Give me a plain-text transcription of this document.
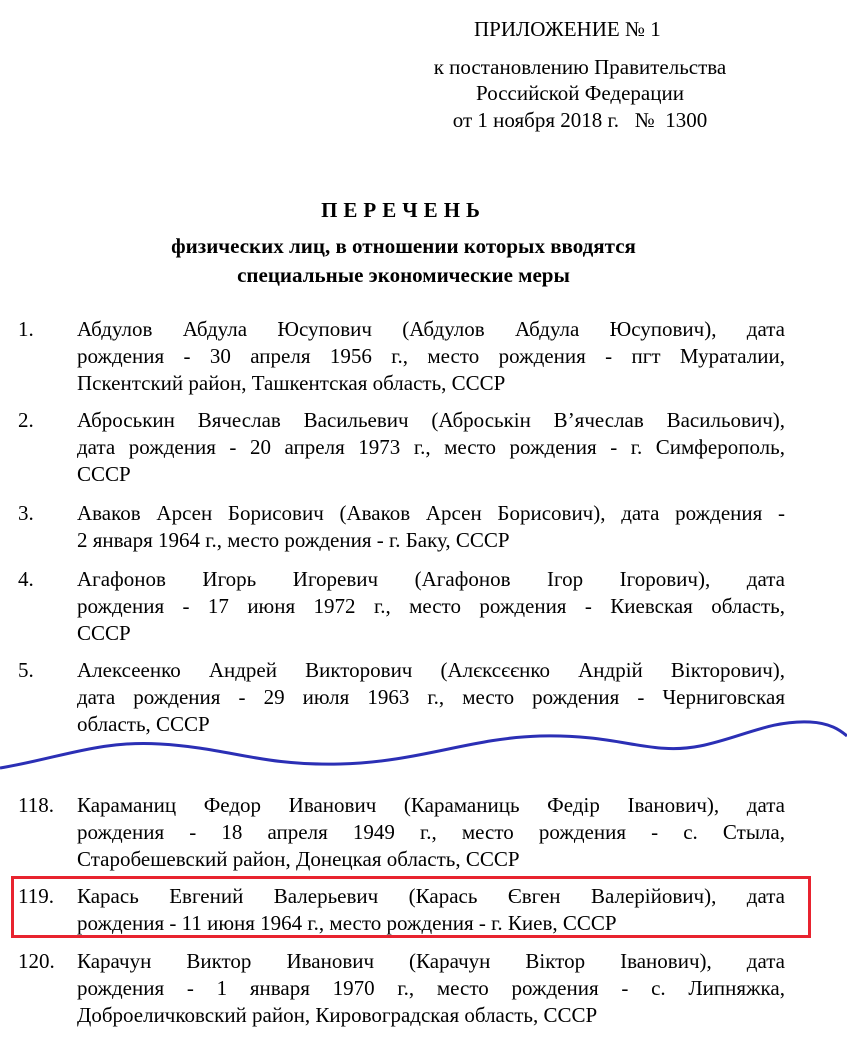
ПРИЛОЖЕНИЕ № 1
к постановлению Правительства
Российской Федерации
от 1 ноября 2018 г.   №  1300
ПЕРЕЧЕНЬ
физических лиц, в отношении которых вводятся
специальные экономические меры
1. Абдулов Абдула Юсупович (Абдулов Абдула Юсупович), дата
рождения - 30 апреля 1956 г., место рождения - пгт Мураталии,
Пскентский район, Ташкентская область, СССР
2. Аброськин Вячеслав Васильевич (Аброськін В’ячеслав Васильович),
дата рождения - 20 апреля 1973 г., место рождения - г. Симферополь,
СССР
3. Аваков Арсен Борисович (Аваков Арсен Борисович), дата рождения -
2 января 1964 г., место рождения - г. Баку, СССР
4. Агафонов Игорь Игоревич (Агафонов Ігор Ігорович), дата
рождения - 17 июня 1972 г., место рождения - Киевская область,
СССР
5. Алексеенко Андрей Викторович (Алєксєєнко Андрій Вікторович),
дата рождения - 29 июля 1963 г., место рождения - Черниговская
область, СССР
118. Караманиц Федор Иванович (Караманиць Федір Іванович), дата
рождения - 18 апреля 1949 г., место рождения - с. Стыла,
Старобешевский район, Донецкая область, СССР
119. Карась Евгений Валерьевич (Карась Євген Валерійович), дата
рождения - 11 июня 1964 г., место рождения - г. Киев, СССР
120. Карачун Виктор Иванович (Карачун Віктор Іванович), дата
рождения - 1 января 1970 г., место рождения - с. Липняжка,
Доброеличковский район, Кировоградская область, СССР
